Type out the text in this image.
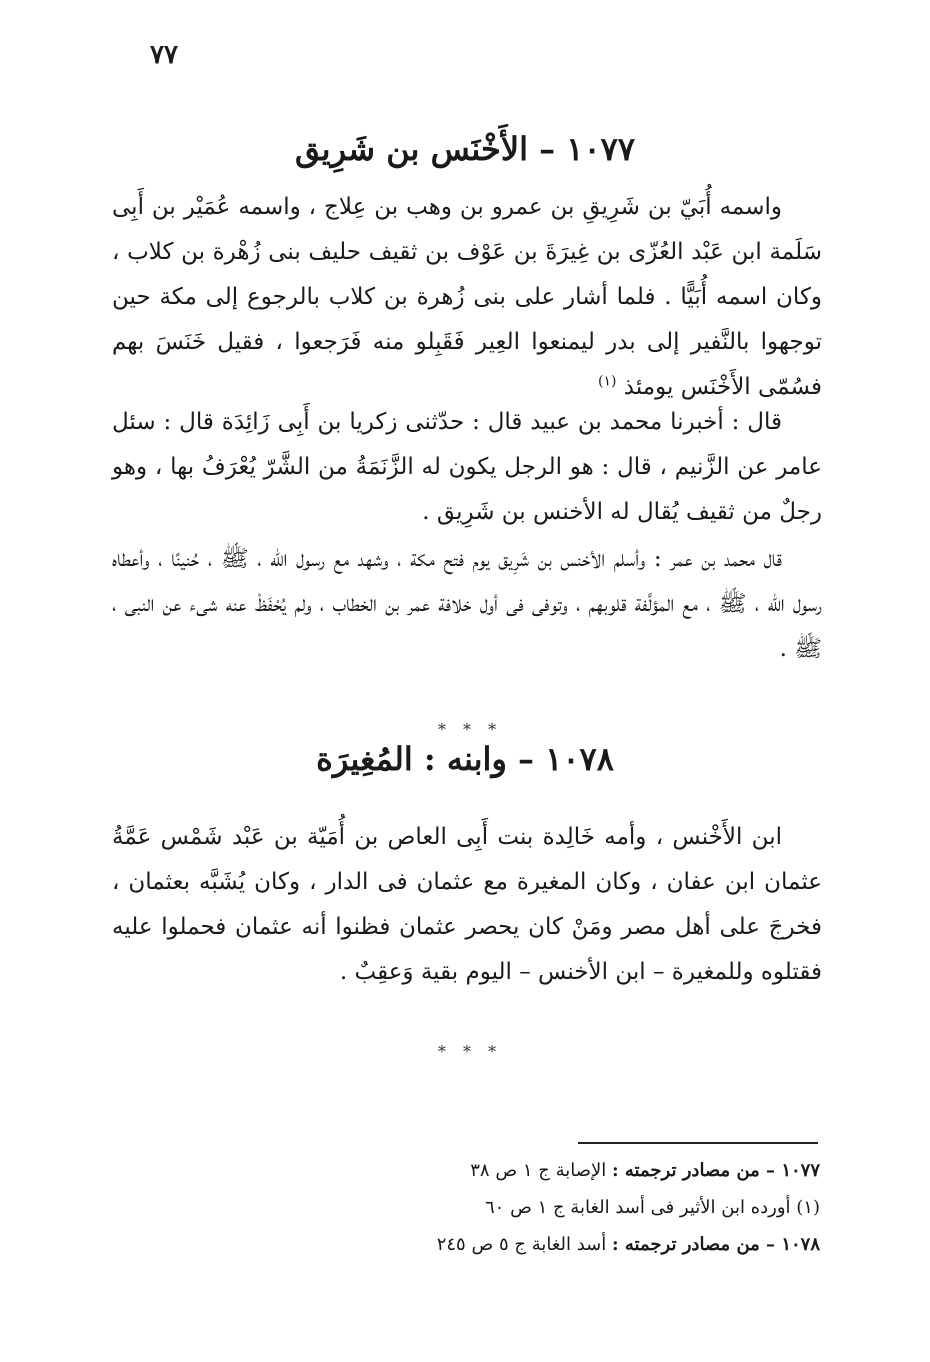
٧٧
١٠٧٧ – الأَخْنَس بن شَرِيق

واسمه أُبَيّ بن شَرِيقِ بن عمرو بن وهب بن عِلاج ، واسمه عُمَيْر بن أَبِى سَلَمة ابن عَبْد العُزّى بن غِيرَةَ بن عَوْف بن ثقيف حليف بنى زُهْرة بن كلاب ، وكان اسمه أُبَيًّا . فلما أشار على بنى زُهرة بن كلاب بالرجوع إلى مكة حين توجهوا بالنَّفير إلى بدر ليمنعوا العِير فَقَبِلو منه فَرَجعوا ، فقيل خَنَسَ بهم فسُمّى الأَخْنَس يومئذ $^{(١)}$

قال : أخبرنا محمد بن عبيد قال : حدّثنى زكريا بن أَبِى زَائِدَة قال : سئل عامر عن الزَّنيم ، قال : هو الرجل يكون له الزَّنَمَةُ من الشَّرّ يُعْرَفُ بها ، وهو رجلٌ من ثقيف يُقال له الأخنس بن شَرِيق .

قال محمد بن عمر : وأسلم الأخنس بن شَرِيق يوم فتح مكة ، وشهد مع رسول الله ، ﷺ ، حُنينًا ، وأعطاه رسول الله ، ﷺ ، مع المؤلَّفة قلوبهم ، وتوفى فى أول خلافة عمر بن الخطاب ، ولم يُحْفَظْ عنه شىء عن النبى ، ﷺ .

* * *
١٠٧٨ – وابنه : المُغِيرَة

ابن الأَخْنس ، وأمه خَالِدة بنت أَبِى العاص بن أُمَيّة بن عَبْد شَمْس عَمَّةُ عثمان ابن عفان ، وكان المغيرة مع عثمان فى الدار ، وكان يُشَبَّه بعثمان ، فخرجَ على أهل مصر ومَنْ كان يحصر عثمان فظنوا أنه عثمان فحملوا عليه فقتلوه وللمغيرة – ابن الأخنس – اليوم بقية وَعقِبٌ .

* * *
١٠٧٧ – من مصادر ترجمته : الإصابة ج ١ ص ٣٨
(١) أورده ابن الأثير فى أسد الغابة ج ١ ص ٦٠
١٠٧٨ – من مصادر ترجمته : أسد الغابة ج ٥ ص ٢٤٥
